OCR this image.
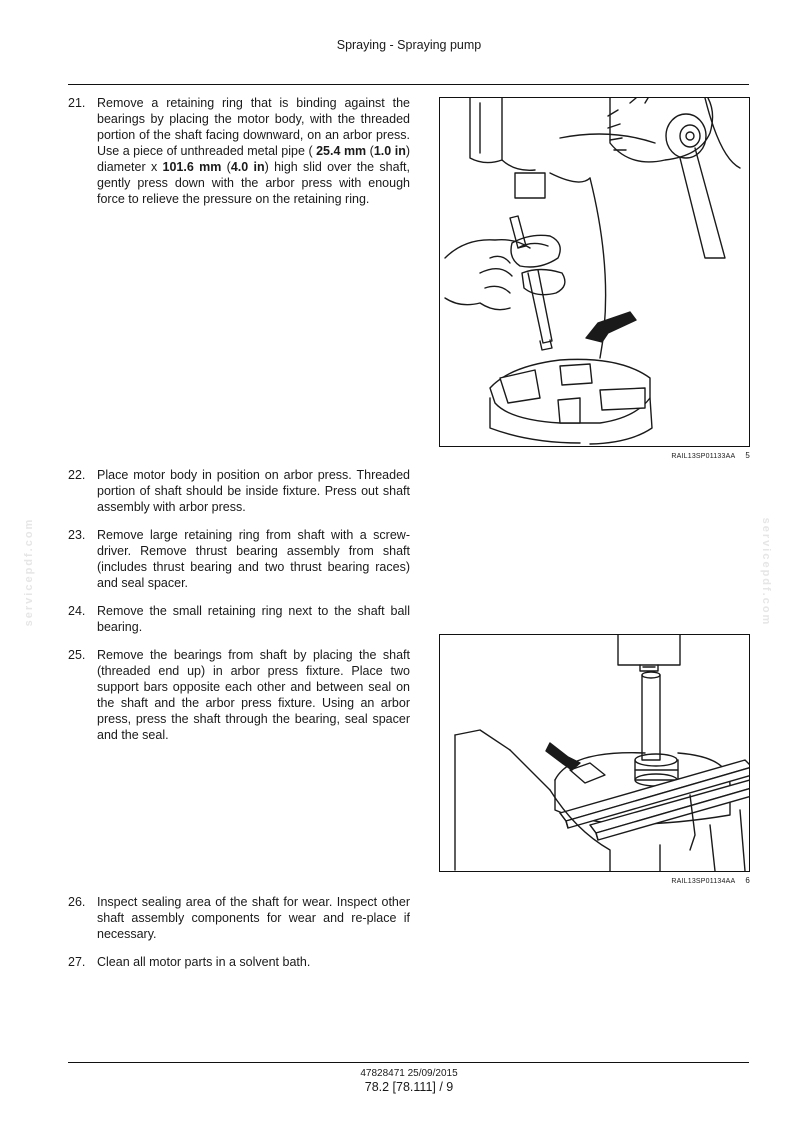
Spraying - Spraying pump
21. Remove a retaining ring that is binding against the bearings by placing the motor body, with the threaded portion of the shaft facing downward, on an arbor press. Use a piece of unthreaded metal pipe ( 25.4 mm (1.0 in) diameter x 101.6 mm (4.0 in) high slid over the shaft, gently press down with the arbor press with enough force to relieve the pressure on the retaining ring.
22. Place motor body in position on arbor press. Threaded portion of shaft should be inside fixture. Press out shaft assembly with arbor press.
23. Remove large retaining ring from shaft with a screw-driver. Remove thrust bearing assembly from shaft (includes thrust bearing and two thrust bearing races) and seal spacer.
24. Remove the small retaining ring next to the shaft ball bearing.
25. Remove the bearings from shaft by placing the shaft (threaded end up) in arbor press fixture. Place two support bars opposite each other and between seal on the shaft and the arbor press fixture. Using an arbor press, press the shaft through the bearing, seal spacer and the seal.
26. Inspect sealing area of the shaft for wear. Inspect other shaft assembly components for wear and re-place if necessary.
27. Clean all motor parts in a solvent bath.
RAIL13SP01133AA 5
RAIL13SP01134AA 6
servicepdf.com	servicepdf.com
47828471 25/09/2015
78.2 [78.111] / 9
